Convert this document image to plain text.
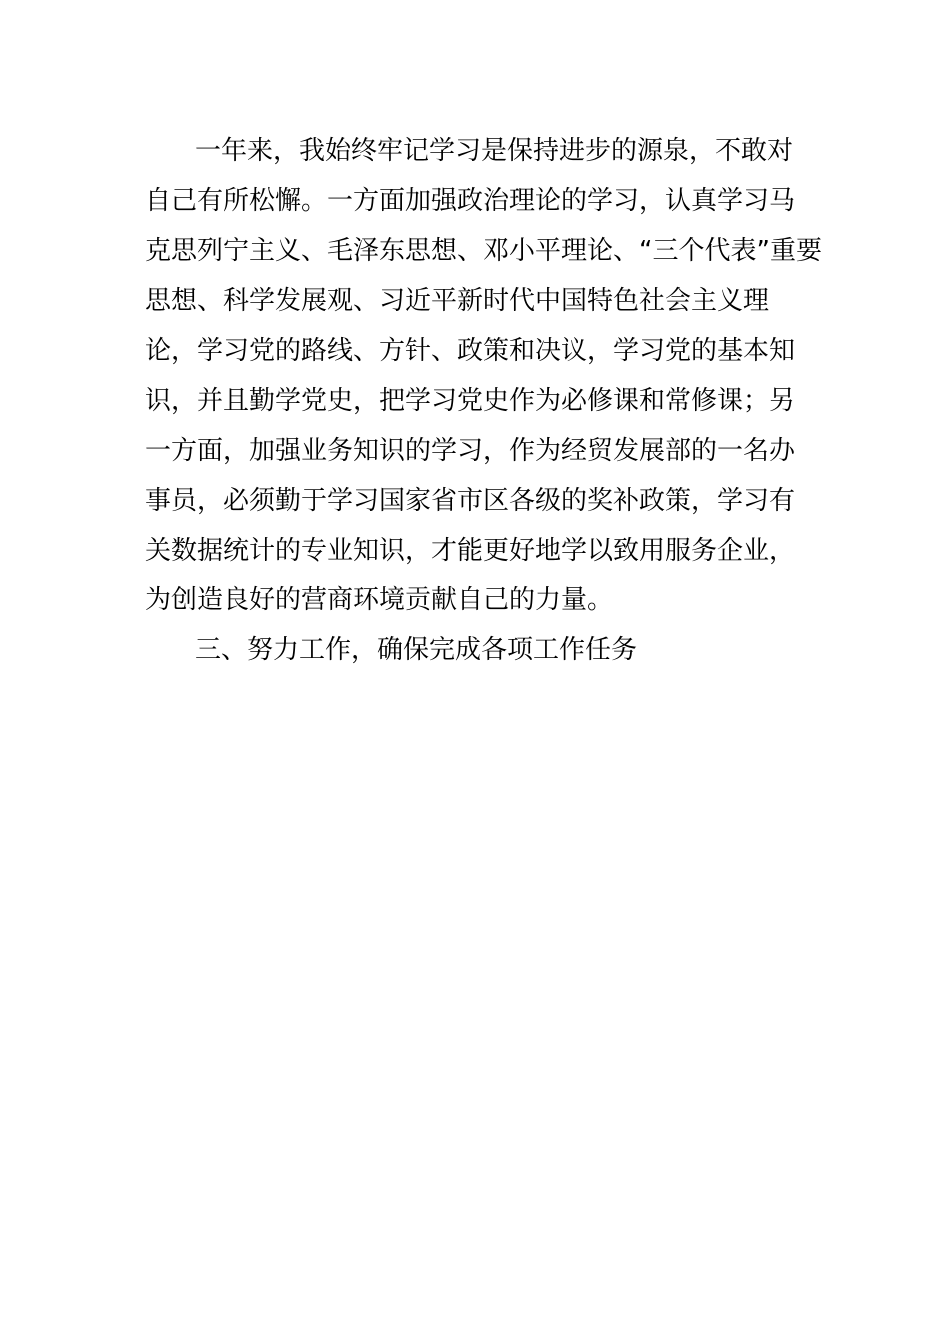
一年来，我始终牢记学习是保持进步的源泉，不敢对
自己有所松懈。一方面加强政治理论的学习，认真学习马
克思列宁主义、毛泽东思想、邓小平理论、“三个代表”重要
思想、科学发展观、习近平新时代中国特色社会主义理
论，学习党的路线、方针、政策和决议，学习党的基本知
识，并且勤学党史，把学习党史作为必修课和常修课；另
一方面，加强业务知识的学习，作为经贸发展部的一名办
事员，必须勤于学习国家省市区各级的奖补政策，学习有
关数据统计的专业知识，才能更好地学以致用服务企业，
为创造良好的营商环境贡献自己的力量。
三、努力工作，确保完成各项工作任务
